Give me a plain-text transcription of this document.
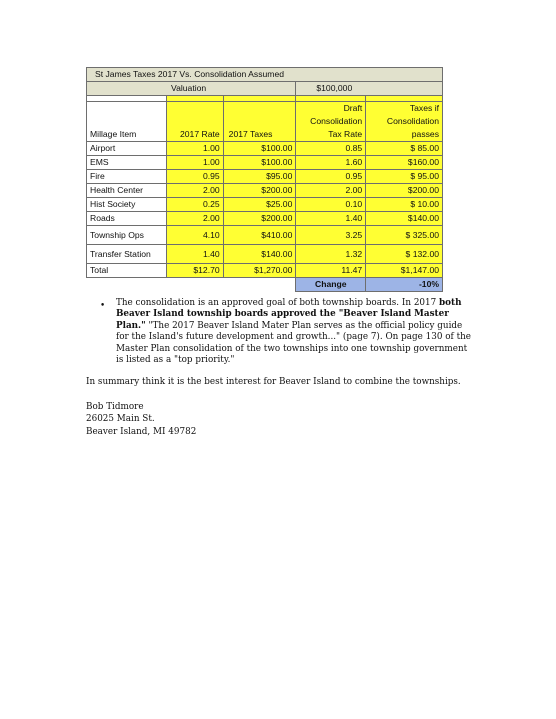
St James Taxes 2017 Vs. Consolidation Assumed				
Valuation			$100,000	

			Draft	Taxes if
			Consolidation	Consolidation
Millage Item	2017 Rate	2017 Taxes	Tax Rate	passes
Airport	1.00	$100.00	0.85	$ 85.00
EMS	1.00	$100.00	1.60	$160.00
Fire	0.95	$95.00	0.95	$ 95.00
Health Center	2.00	$200.00	2.00	$200.00
Hist Society	0.25	$25.00	0.10	$ 10.00
Roads	2.00	$200.00	1.40	$140.00
Township Ops	4.10	$410.00	3.25	$ 325.00
Transfer Station	1.40	$140.00	1.32	$ 132.00
Total	$12.70	$1,270.00	11.47	$1,147.00
			Change	-10%
• The consolidation is an approved goal of both township boards. In 2017 both Beaver Island township boards approved the "Beaver Island Master Plan." "The 2017 Beaver Island Mater Plan serves as the official policy guide for the Island's future development and growth..." (page 7). On page 130 of the Master Plan consolidation of the two townships into one township government is listed as a "top priority."
In summary think it is the best interest for Beaver Island to combine the townships.
Bob Tidmore
26025 Main St.
Beaver Island, MI 49782
